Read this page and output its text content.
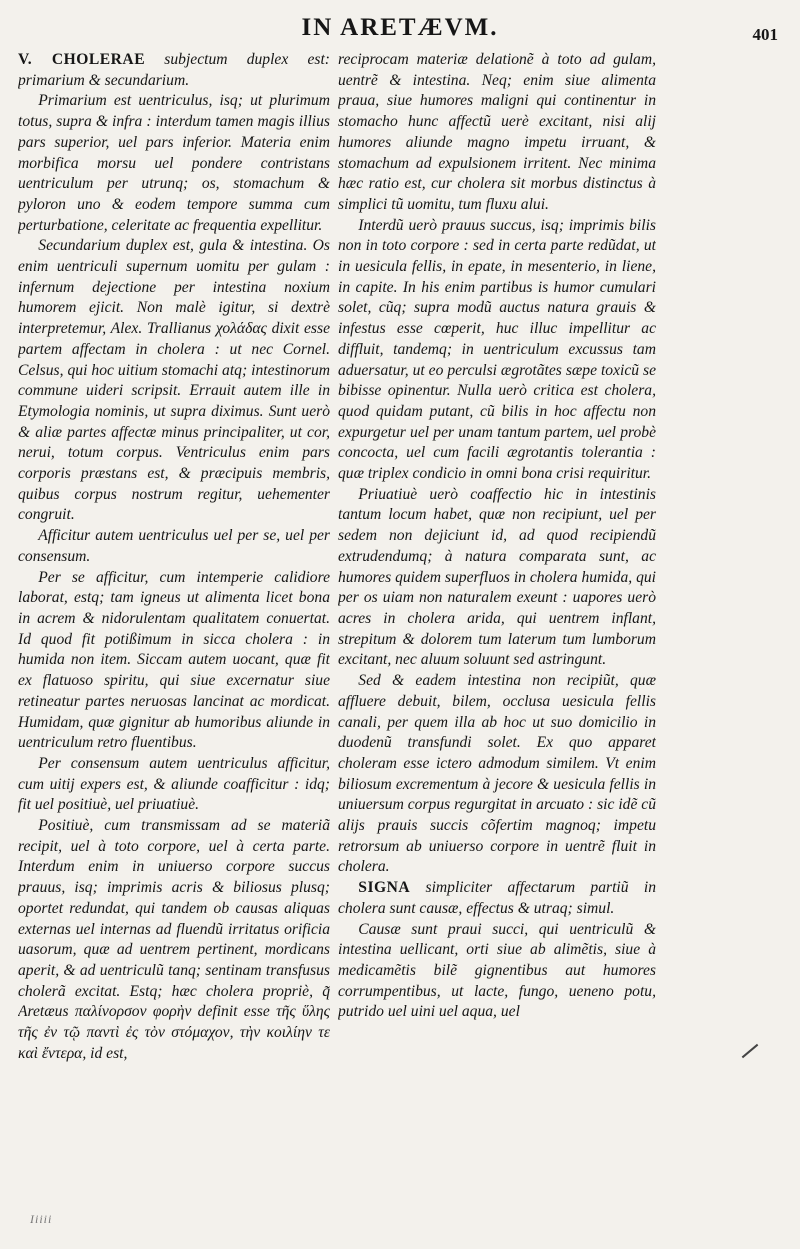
IN ARETÆVM.	401

V. CHOLERAE subjectum duplex est: primarium & secundarium.

Primarium est uentriculus, isq; ut plurimum totus, supra & infra : interdum tamen magis illius pars superior, uel pars inferior. Materia enim morbifica morsu uel pondere contristans uentriculum per utrunq; os, stomachum & pyloron uno & eodem tempore summa cum perturbatione, celeritate ac frequentia expellitur.

Secundarium duplex est, gula & intestina. Os enim uentriculi supernum uomitu per gulam : infernum dejectione per intestina noxium humorem ejicit. Non malè igitur, si dextrè interpretemur, Alex. Trallianus χολάδας dixit esse partem affectam in cholera : ut nec Cornel. Celsus, qui hoc uitium stomachi atq; intestinorum commune uideri scripsit. Errauit autem ille in Etymologia nominis, ut supra diximus. Sunt uerò & aliæ partes affectæ minus principaliter, ut cor, nerui, totum corpus. Ventriculus enim pars corporis præstans est, & præcipuis membris, quibus corpus nostrum regitur, uehementer congruit.

Afficitur autem uentriculus uel per se, uel per consensum.

Per se afficitur, cum intemperie calidiore laborat, estq; tam igneus ut alimenta licet bona in acrem & nidorulentam qualitatem conuertat. Id quod fit potißimum in sicca cholera : in humida non item. Siccam autem uocant, quæ fit ex flatuoso spiritu, qui siue excernatur siue retineatur partes neruosas lancinat ac mordicat. Humidam, quæ gignitur ab humoribus aliunde in uentriculum retro fluentibus.

Per consensum autem uentriculus afficitur, cum uitij expers est, & aliunde coafficitur : idq; fit uel positiuè, uel priuatiuè.

Positiuè, cum transmissam ad se materiã recipit, uel à toto corpore, uel à certa parte. Interdum enim in uniuerso corpore succus prauus, isq; imprimis acris & biliosus plusq; oportet redundat, qui tandem ob causas aliquas externas uel internas ad fluendũ irritatus orificia uasorum, quæ ad uentrem pertinent, mordicans aperit, & ad uentriculũ tanq; sentinam transfusus cholerã excitat. Estq; hæc cholera propriè, q̃ Aretæus παλίνορσον φορὴν definit esse τῆς ὕλης τῆς ἐν τῷ παντὶ ἐς τὸν στόμαχον, τὴν κοιλίην τε καὶ ἔντερα, id est,

reciprocam materiæ delationẽ à toto ad gulam, uentrẽ & intestina. Neq; enim siue alimenta praua, siue humores maligni qui continentur in stomacho hunc affectũ uerè excitant, nisi alij humores aliunde magno impetu irruant, & stomachum ad expulsionem irritent. Nec minima hæc ratio est, cur cholera sit morbus distinctus à simplici tũ uomitu, tum fluxu alui.

Interdũ uerò prauus succus, isq; imprimis bilis non in toto corpore : sed in certa parte redũdat, ut in uesicula fellis, in epate, in mesenterio, in liene, in capite. In his enim partibus is humor cumulari solet, cũq; supra modũ auctus natura grauis & infestus esse cœperit, huc illuc impellitur ac diffluit, tandemq; in uentriculum excussus tam aduersatur, ut eo perculsi ægrotãtes sæpe toxicũ se bibisse opinentur. Nulla uerò critica est cholera, quod quidam putant, cũ bilis in hoc affectu non expurgetur uel per unam tantum partem, uel probè concocta, uel cum facili ægrotantis tolerantia : quæ triplex condicio in omni bona crisi requiritur.

Priuatiuè uerò coaffectio hic in intestinis tantum locum habet, quæ non recipiunt, uel per sedem non dejiciunt id, ad quod recipiendũ extrudendumq; à natura comparata sunt, ac humores quidem superfluos in cholera humida, qui per os uiam non naturalem exeunt : uapores uerò acres in cholera arida, qui uentrem inflant, strepitum & dolorem tum laterum tum lumborum excitant, nec aluum soluunt sed astringunt.

Sed & eadem intestina non recipiũt, quæ affluere debuit, bilem, occlusa uesicula fellis canali, per quem illa ab hoc ut suo domicilio in duodenũ transfundi solet. Ex quo apparet choleram esse ictero admodum similem. Vt enim biliosum excrementum à jecore & uesicula fellis in uniuersum corpus regurgitat in arcuato : sic idẽ cũ alijs prauis succis cõfertim magnoq; impetu retrorsum ab uniuerso corpore in uentrẽ fluit in cholera.

SIGNA simpliciter affectarum partiũ in cholera sunt causæ, effectus & utraq; simul.

Causæ sunt praui succi, qui uentriculũ & intestina uellicant, orti siue ab alimẽtis, siue à medicamẽtis bilẽ gignentibus aut humores corrumpentibus, ut lacte, fungo, ueneno potu, putrido uel uini uel aqua, uel

Iiiii
